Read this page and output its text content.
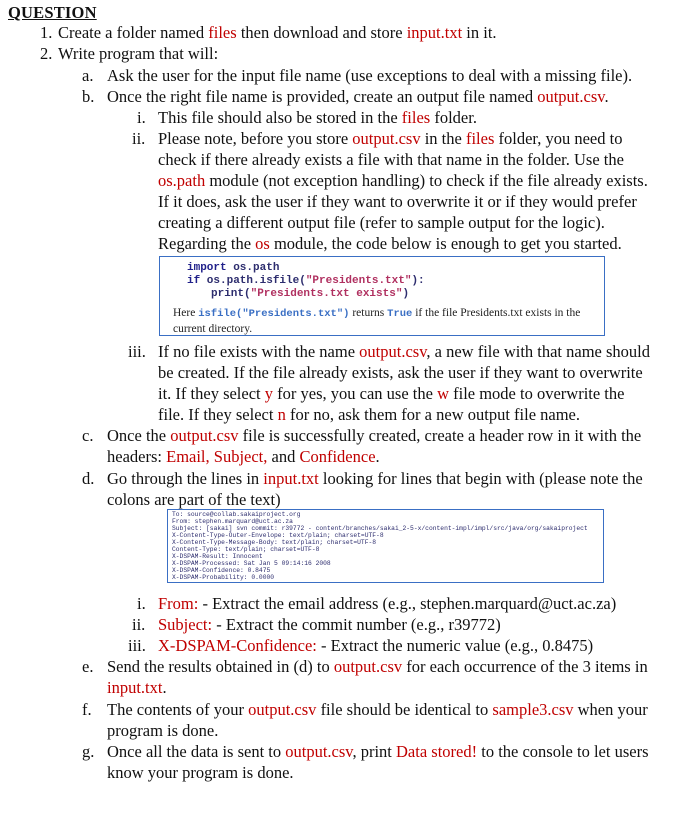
QUESTION
1. Create a folder named files then download and store input.txt in it.
2. Write program that will:
a. Ask the user for the input file name (use exceptions to deal with a missing file).
b. Once the right file name is provided, create an output file named output.csv.
i. This file should also be stored in the files folder.
ii. Please note, before you store output.csv in the files folder, you need to
check if there already exists a file with that name in the folder. Use the
os.path module (not exception handling) to check if the file already exists.
If it does, ask the user if they want to overwrite it or if they would prefer
creating a different output file (refer to sample output for the logic).
Regarding the os module, the code below is enough to get you started.
import os.path
if os.path.isfile("Presidents.txt"):
print("Presidents.txt exists")
Here isfile("Presidents.txt") returns True if the file Presidents.txt exists in the
current directory.
iii. If no file exists with the name output.csv, a new file with that name should
be created. If the file already exists, ask the user if they want to overwrite
it. If they select y for yes, you can use the w file mode to overwrite the
file. If they select n for no, ask them for a new output file name.
c. Once the output.csv file is successfully created, create a header row in it with the
headers: Email, Subject, and Confidence.
d. Go through the lines in input.txt looking for lines that begin with (please note the
colons are part of the text)
To: source@collab.sakaiproject.org
From: stephen.marquard@uct.ac.za
Subject: [sakai] svn commit: r39772 - content/branches/sakai_2-5-x/content-impl/impl/src/java/org/sakaiproject
X-Content-Type-Outer-Envelope: text/plain; charset=UTF-8
X-Content-Type-Message-Body: text/plain; charset=UTF-8
Content-Type: text/plain; charset=UTF-8
X-DSPAM-Result: Innocent
X-DSPAM-Processed: Sat Jan 5 09:14:16 2008
X-DSPAM-Confidence: 0.8475
X-DSPAM-Probability: 0.0000
i. From: - Extract the email address (e.g., stephen.marquard@uct.ac.za)
ii. Subject: - Extract the commit number (e.g., r39772)
iii. X-DSPAM-Confidence: - Extract the numeric value (e.g., 0.8475)
e. Send the results obtained in (d) to output.csv for each occurrence of the 3 items in
input.txt.
f. The contents of your output.csv file should be identical to sample3.csv when your
program is done.
g. Once all the data is sent to output.csv, print Data stored! to the console to let users
know your program is done.
